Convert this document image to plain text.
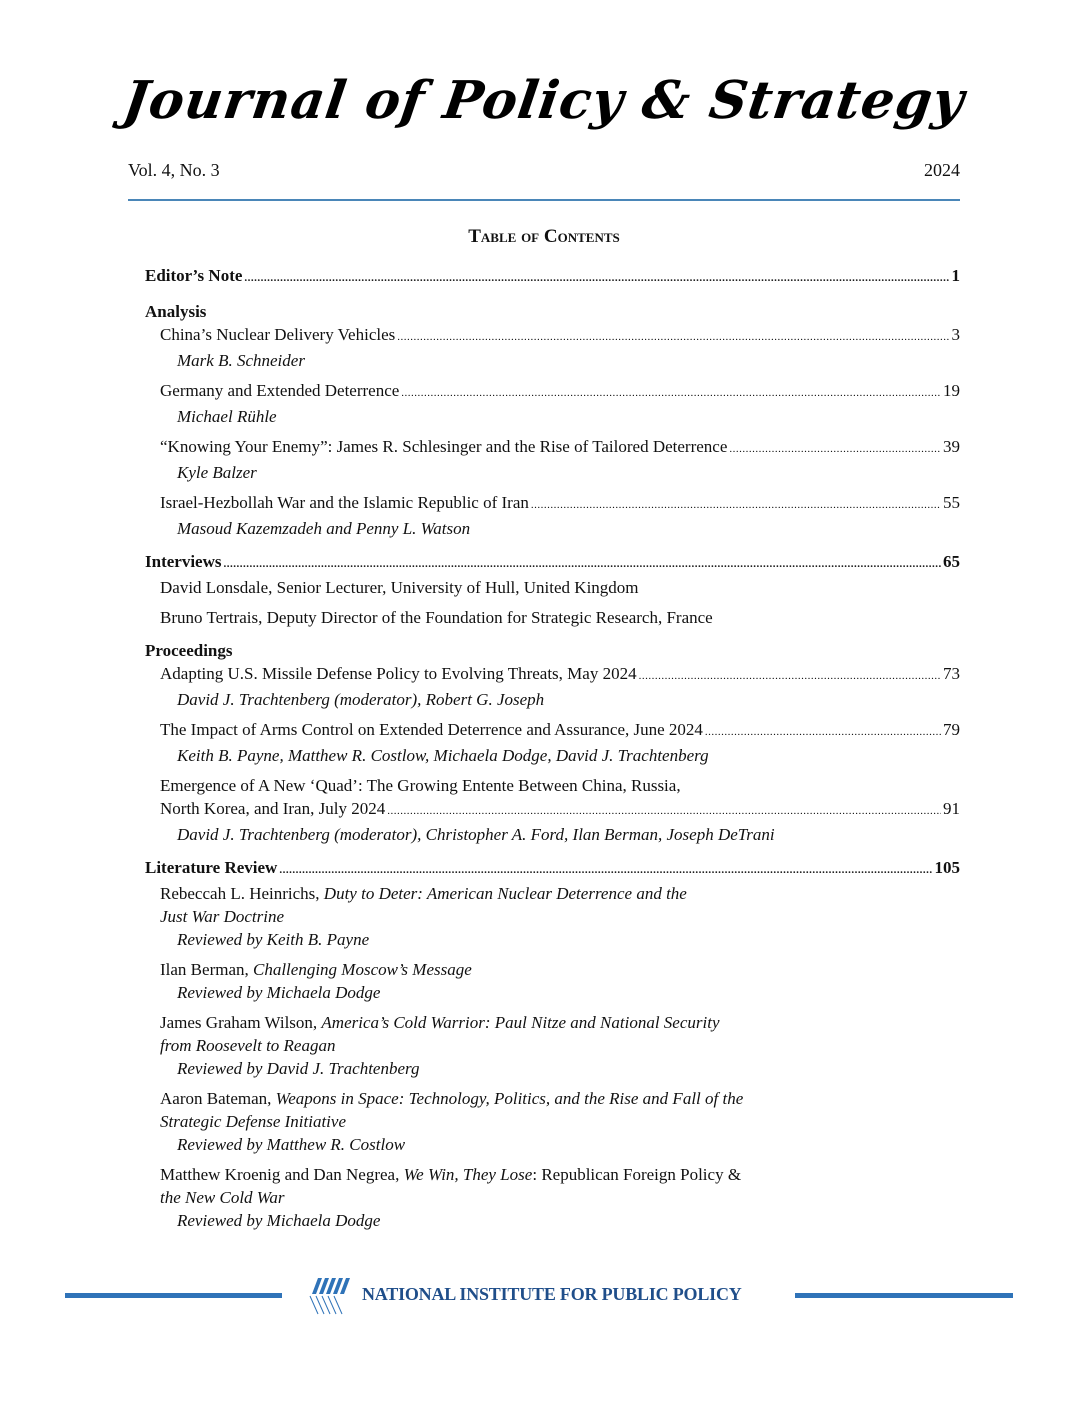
Journal of Policy & Strategy
Vol. 4, No. 3	2024
Table of Contents
Editor’s Note .....	1
Analysis
China’s Nuclear Delivery Vehicles .....	3
Mark B. Schneider
Germany and Extended Deterrence .....	19
Michael Rühle
“Knowing Your Enemy”: James R. Schlesinger and the Rise of Tailored Deterrence .....	39
Kyle Balzer
Israel-Hezbollah War and the Islamic Republic of Iran .....	55
Masoud Kazemzadeh and Penny L. Watson
Interviews .....	65
David Lonsdale, Senior Lecturer, University of Hull, United Kingdom
Bruno Tertrais, Deputy Director of the Foundation for Strategic Research, France
Proceedings
Adapting U.S. Missile Defense Policy to Evolving Threats, May 2024 .....	73
David J. Trachtenberg (moderator), Robert G. Joseph
The Impact of Arms Control on Extended Deterrence and Assurance, June 2024 .....	79
Keith B. Payne, Matthew R. Costlow, Michaela Dodge, David J. Trachtenberg
Emergence of A New ‘Quad’: The Growing Entente Between China, Russia,
North Korea, and Iran, July 2024 .....	91
David J. Trachtenberg (moderator), Christopher A. Ford, Ilan Berman, Joseph DeTrani
Literature Review .....	105
Rebeccah L. Heinrichs, Duty to Deter: American Nuclear Deterrence and the
Just War Doctrine
Reviewed by Keith B. Payne
Ilan Berman, Challenging Moscow’s Message
Reviewed by Michaela Dodge
James Graham Wilson, America’s Cold Warrior: Paul Nitze and National Security
from Roosevelt to Reagan
Reviewed by David J. Trachtenberg
Aaron Bateman, Weapons in Space: Technology, Politics, and the Rise and Fall of the
Strategic Defense Initiative
Reviewed by Matthew R. Costlow
Matthew Kroenig and Dan Negrea, We Win, They Lose: Republican Foreign Policy &
the New Cold War
Reviewed by Michaela Dodge
NATIONAL INSTITUTE FOR PUBLIC POLICY
